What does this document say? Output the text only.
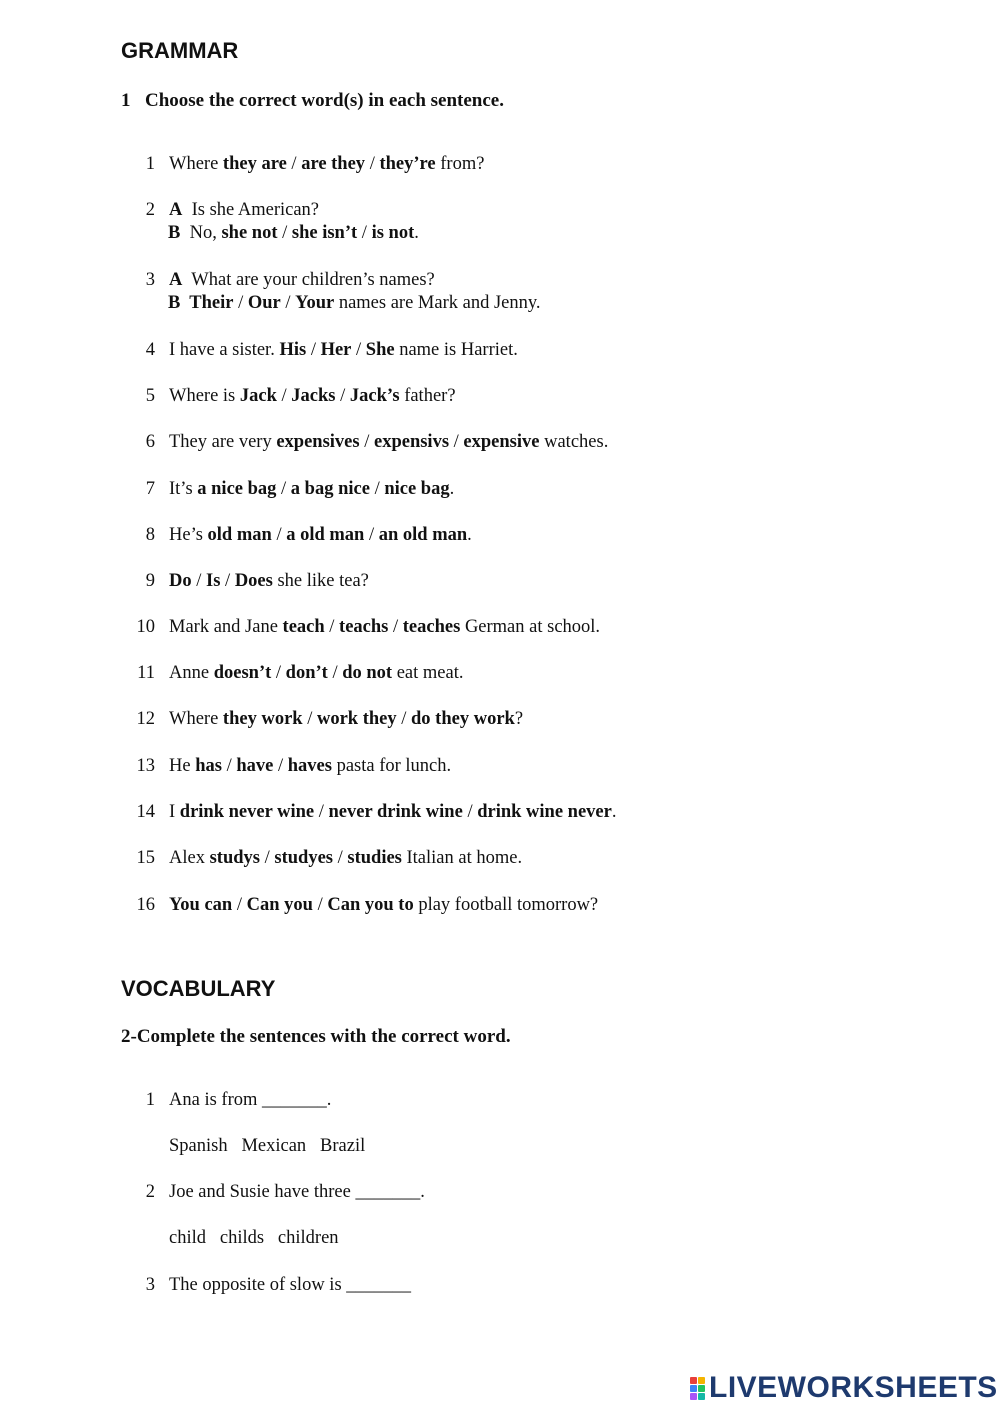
GRAMMAR
1 Choose the correct word(s) in each sentence.
1 Where they are / are they / they’re from?
2 A  Is she American?
B  No, she not / she isn’t / is not.
3 A  What are your children’s names?
B  Their / Our / Your names are Mark and Jenny.
4 I have a sister. His / Her / She name is Harriet.
5 Where is Jack / Jacks / Jack’s father?
6 They are very expensives / expensivs / expensive watches.
7 It’s a nice bag / a bag nice / nice bag.
8 He’s old man / a old man / an old man.
9 Do / Is / Does she like tea?
10 Mark and Jane teach / teachs / teaches German at school.
11 Anne doesn’t / don’t / do not eat meat.
12 Where they work / work they / do they work?
13 He has / have / haves pasta for lunch.
14 I drink never wine / never drink wine / drink wine never.
15 Alex studys / studyes / studies Italian at home.
16 You can / Can you / Can you to play football tomorrow?
VOCABULARY
2-Complete the sentences with the correct word.
1 Ana is from _______.
Spanish   Mexican   Brazil
2 Joe and Susie have three _______.
child   childs   children
3 The opposite of slow is _______
LIVEWORKSHEETS
